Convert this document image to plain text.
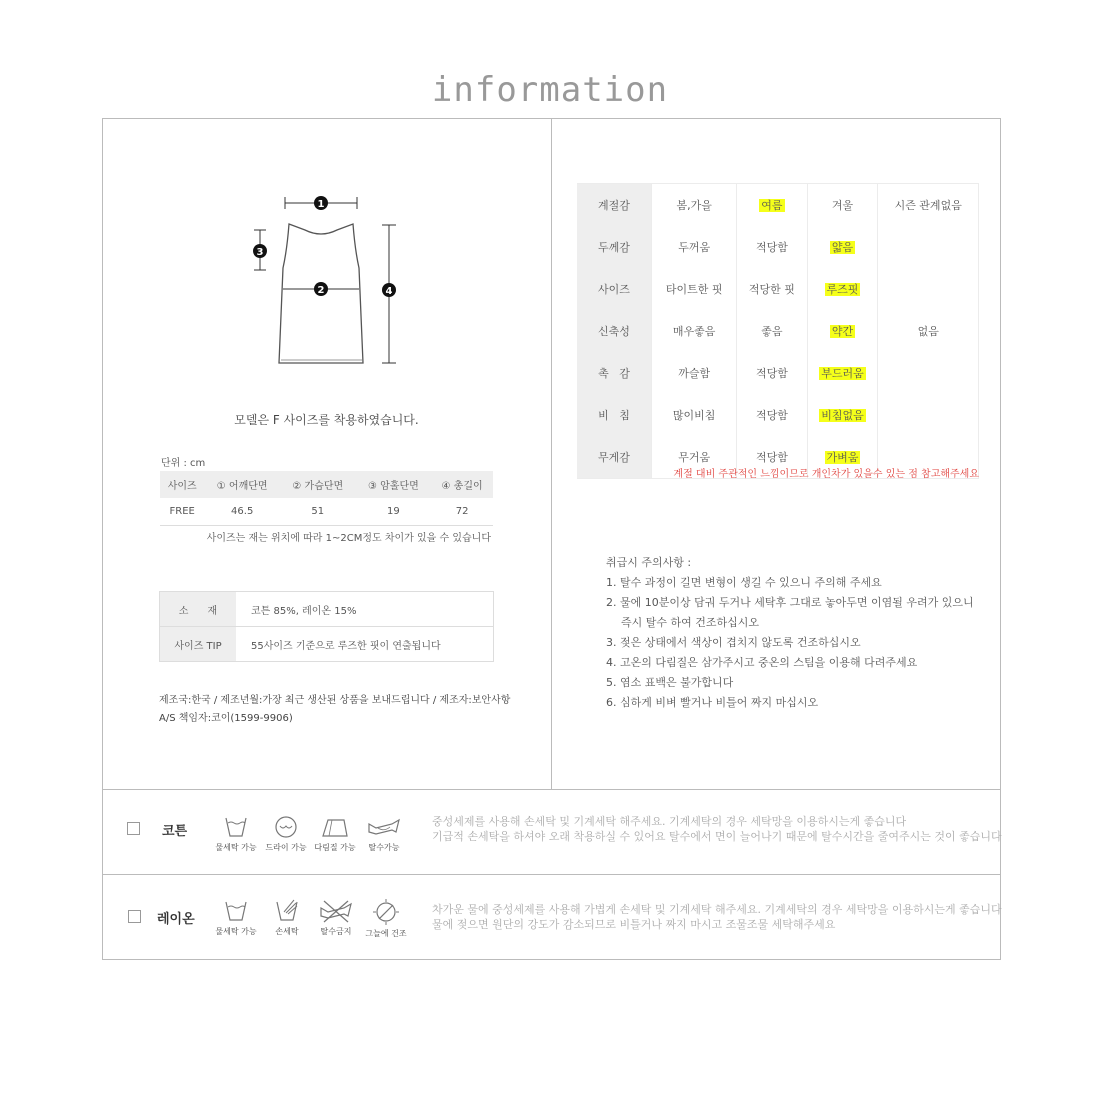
information
1
2
3
4
모델은 F 사이즈를 착용하였습니다.
단위 : cm
사이즈	① 어깨단면	② 가슴단면	③ 암홀단면	④ 총길이
FREE	46.5	51	19	72
사이즈는 재는 위치에 따라 1~2CM정도 차이가 있을 수 있습니다
소      재	코튼 85%, 레이온 15%
사이즈 TIP	55사이즈 기준으로 루즈한 핏이 연출됩니다
제조국:한국 / 제조년월:가장 최근 생산된 상품을 보내드립니다 / 제조자:보안사항
A/S 책임자:코이(1599-9906)
계절감	봄,가을	여름	겨울	시즌 관계없음
두께감	두꺼움	적당함	얇음	
사이즈	타이트한 핏	적당한 핏	루즈핏	
신축성	매우좋음	좋음	약간	없음
촉   감	까슬함	적당함	부드러움	
비   침	많이비침	적당함	비침없음	
무게감	무거움	적당함	가벼움	
계절 대비 주관적인 느낌이므로 개인차가 있을수 있는 점 참고해주세요
취급시 주의사항 :
1. 탈수 과정이 길면 변형이 생길 수 있으니 주의해 주세요
2. 물에 10분이상 담궈 두거나 세탁후 그대로 놓아두면 이염될 우려가 있으니
즉시 탈수 하여 건조하십시오
3. 젖은 상태에서 색상이 겹치지 않도록 건조하십시오
4. 고온의 다림질은 삼가주시고 중온의 스팀을 이용해 다려주세요
5. 염소 표백은 불가합니다
6. 심하게 비벼 빨거나 비틀어 짜지 마십시오
코튼
물세탁 가능	드라이 가능 다림질 가능	탈수가능
중성세제를 사용해 손세탁 및 기계세탁 해주세요. 기계세탁의 경우 세탁망을 이용하시는게 좋습니다
기급적 손세탁을 하셔야 오래 착용하실 수 있어요 탈수에서 면이 늘어나기 때문에 탈수시간을 줄여주시는 것이 좋습니다
레이온
물세탁 가능	손세탁	탈수금지	그늘에 건조
차가운 물에 중성세제를 사용해 가볍게 손세탁 및 기계세탁 해주세요. 기계세탁의 경우 세탁망을 이용하시는게 좋습니다
물에 젖으면 원단의 강도가 감소되므로 비틀거나 짜지 마시고 조물조물 세탁해주세요
